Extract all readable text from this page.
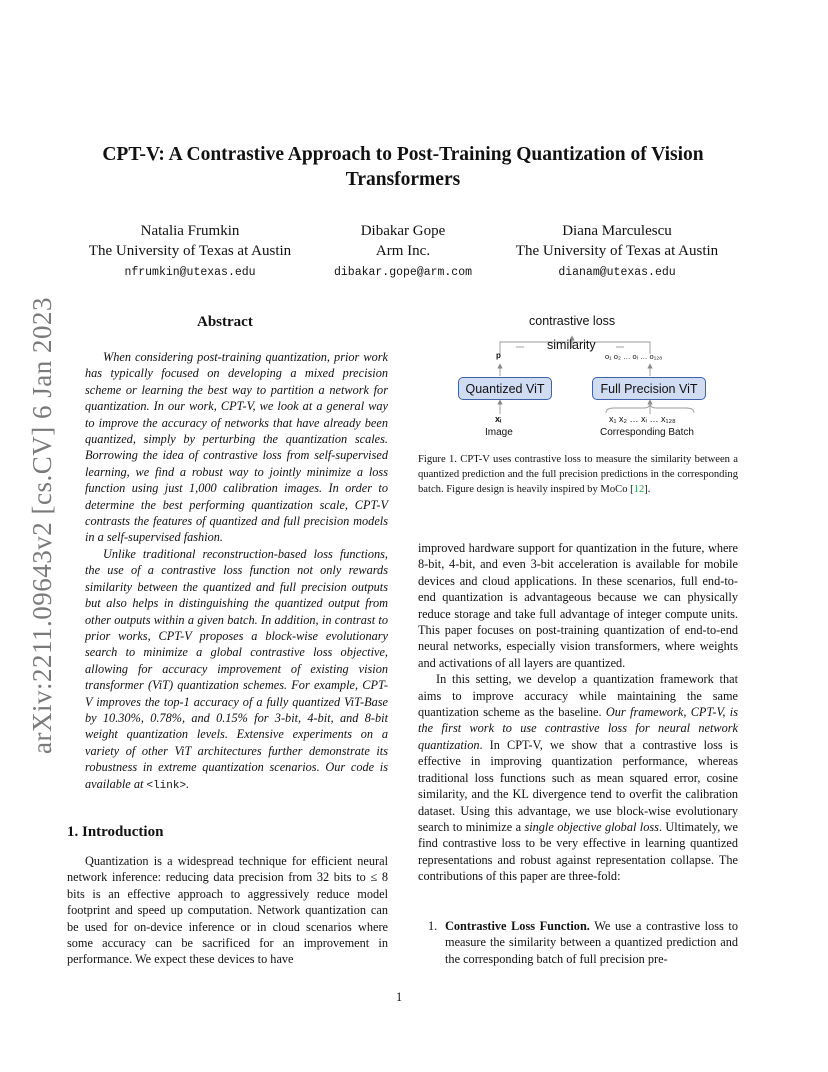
arXiv:2211.09643v2 [cs.CV] 6 Jan 2023
CPT-V: A Contrastive Approach to Post-Training Quantization of Vision Transformers
Natalia Frumkin
The University of Texas at Austin
nfrumkin@utexas.edu
Dibakar Gope
Arm Inc.
dibakar.gope@arm.com
Diana Marculescu
The University of Texas at Austin
dianam@utexas.edu
Abstract

When considering post-training quantization, prior work has typically focused on developing a mixed precision scheme or learning the best way to partition a network for quantization. In our work, CPT-V, we look at a general way to improve the accuracy of networks that have already been quantized, simply by perturbing the quantization scales. Borrowing the idea of contrastive loss from self-supervised learning, we find a robust way to jointly minimize a loss function using just 1,000 calibration images. In order to determine the best performing quantization scale, CPT-V contrasts the features of quantized and full precision models in a self-supervised fashion.

Unlike traditional reconstruction-based loss functions, the use of a contrastive loss function not only rewards similarity between the quantized and full precision outputs but also helps in distinguishing the quantized output from other outputs within a given batch. In addition, in contrast to prior works, CPT-V proposes a block-wise evolutionary search to minimize a global contrastive loss objective, allowing for accuracy improvement of existing vision transformer (ViT) quantization schemes. For example, CPT-V improves the top-1 accuracy of a fully quantized ViT-Base by 10.30%, 0.78%, and 0.15% for 3-bit, 4-bit, and 8-bit weight quantization levels. Extensive experiments on a variety of other ViT architectures further demonstrate its robustness in extreme quantization scenarios. Our code is available at <link>.

1. Introduction

Quantization is a widespread technique for efficient neural network inference: reducing data precision from 32 bits to ≤ 8 bits is an effective approach to aggressively reduce model footprint and speed up computation. Network quantization can be used for on-device inference or in cloud scenarios where some accuracy can be sacrificed for an improvement in performance. We expect these devices to have

contrastive loss
similarity
p	o₁ o₂ … oᵢ … o₁₂₈
Quantized ViT	Full Precision ViT
xᵢ
Image
x₁ x₂ … xᵢ … x₁₂₈
Corresponding Batch
Figure 1. CPT-V uses contrastive loss to measure the similarity between a quantized prediction and the full precision predictions in the corresponding batch. Figure design is heavily inspired by MoCo [12].

improved hardware support for quantization in the future, where 8-bit, 4-bit, and even 3-bit acceleration is available for mobile devices and cloud applications. In these scenarios, full end-to-end quantization is advantageous because we can physically reduce storage and take full advantage of integer compute units. This paper focuses on post-training quantization of end-to-end neural networks, especially vision transformers, where weights and activations of all layers are quantized.

In this setting, we develop a quantization framework that aims to improve accuracy while maintaining the same quantization scheme as the baseline. Our framework, CPT-V, is the first work to use contrastive loss for neural network quantization. In CPT-V, we show that a contrastive loss is effective in improving quantization performance, whereas traditional loss functions such as mean squared error, cosine similarity, and the KL divergence tend to overfit the calibration dataset. Using this advantage, we use block-wise evolutionary search to minimize a single objective global loss. Ultimately, we find contrastive loss to be very effective in learning quantized representations and robust against representation collapse. The contributions of this paper are three-fold:

1. Contrastive Loss Function. We use a contrastive loss to measure the similarity between a quantized prediction and the corresponding batch of full precision pre-
1
